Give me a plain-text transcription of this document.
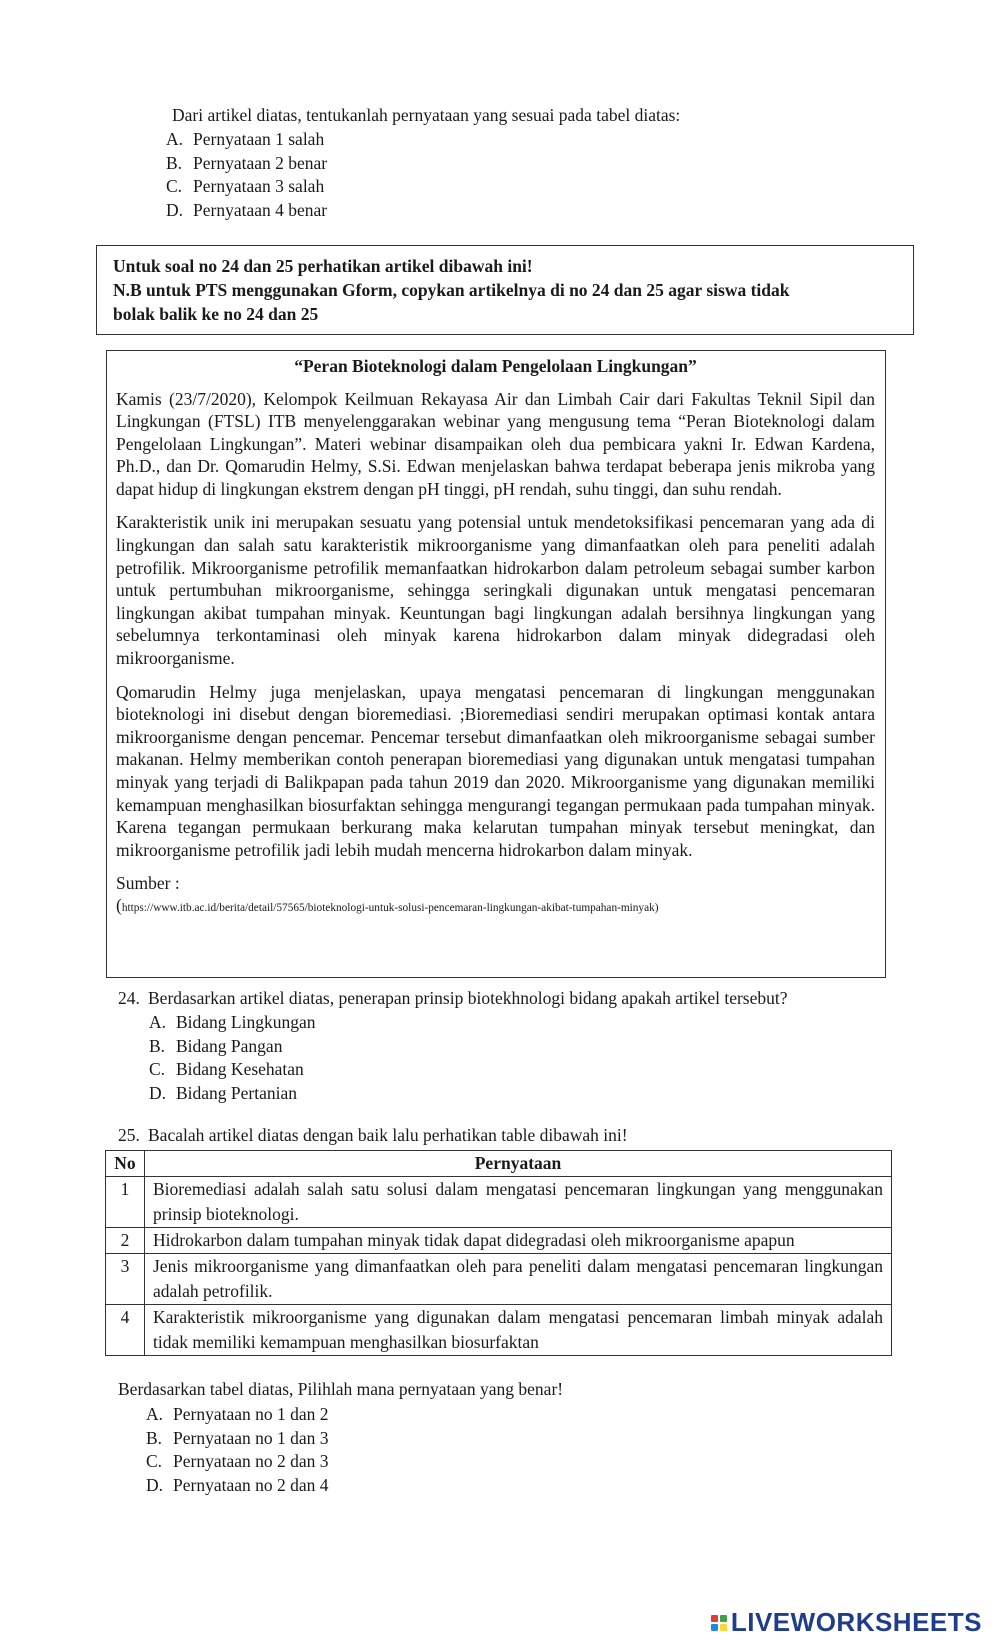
Dari artikel diatas, tentukanlah pernyataan yang sesuai pada tabel diatas:
A. Pernyataan 1 salah
B. Pernyataan 2 benar
C. Pernyataan 3 salah
D. Pernyataan 4 benar
Untuk soal no 24 dan 25 perhatikan artikel dibawah ini!
N.B untuk PTS menggunakan Gform, copykan artikelnya di no 24 dan 25 agar siswa tidak
bolak balik ke no 24 dan 25
“Peran Bioteknologi dalam Pengelolaan Lingkungan”

Kamis (23/7/2020), Kelompok Keilmuan Rekayasa Air dan Limbah Cair dari Fakultas Teknil Sipil dan Lingkungan (FTSL) ITB menyelenggarakan webinar yang mengusung tema “Peran Bioteknologi dalam Pengelolaan Lingkungan”. Materi webinar disampaikan oleh dua pembicara yakni Ir. Edwan Kardena, Ph.D., dan Dr. Qomarudin Helmy, S.Si. Edwan menjelaskan bahwa terdapat beberapa jenis mikroba yang dapat hidup di lingkungan ekstrem dengan pH tinggi, pH rendah, suhu tinggi, dan suhu rendah.

Karakteristik unik ini merupakan sesuatu yang potensial untuk mendetoksifikasi pencemaran yang ada di lingkungan dan salah satu karakteristik mikroorganisme yang dimanfaatkan oleh para peneliti adalah petrofilik. Mikroorganisme petrofilik memanfaatkan hidrokarbon dalam petroleum sebagai sumber karbon untuk pertumbuhan mikroorganisme, sehingga seringkali digunakan untuk mengatasi pencemaran lingkungan akibat tumpahan minyak. Keuntungan bagi lingkungan adalah bersihnya lingkungan yang sebelumnya terkontaminasi oleh minyak karena hidrokarbon dalam minyak didegradasi oleh mikroorganisme.

Qomarudin Helmy juga menjelaskan, upaya mengatasi pencemaran di lingkungan menggunakan bioteknologi ini disebut dengan bioremediasi. ;Bioremediasi sendiri merupakan optimasi kontak antara mikroorganisme dengan pencemar. Pencemar tersebut dimanfaatkan oleh mikroorganisme sebagai sumber makanan. Helmy memberikan contoh penerapan bioremediasi yang digunakan untuk mengatasi tumpahan minyak yang terjadi di Balikpapan pada tahun 2019 dan 2020. Mikroorganisme yang digunakan memiliki kemampuan menghasilkan biosurfaktan sehingga mengurangi tegangan permukaan pada tumpahan minyak. Karena tegangan permukaan berkurang maka kelarutan tumpahan minyak tersebut meningkat, dan mikroorganisme petrofilik jadi lebih mudah mencerna hidrokarbon dalam minyak.

Sumber :
(https://www.itb.ac.id/berita/detail/57565/bioteknologi-untuk-solusi-pencemaran-lingkungan-akibat-tumpahan-minyak)
24. Berdasarkan artikel diatas, penerapan prinsip biotekhnologi bidang apakah artikel tersebut?
A. Bidang Lingkungan
B. Bidang Pangan
C. Bidang Kesehatan
D. Bidang Pertanian
25. Bacalah artikel diatas dengan baik lalu perhatikan table dibawah ini!
No	Pernyataan
1	Bioremediasi adalah salah satu solusi dalam mengatasi pencemaran lingkungan yang menggunakan prinsip bioteknologi.
2	Hidrokarbon dalam tumpahan minyak tidak dapat didegradasi oleh mikroorganisme apapun
3	Jenis mikroorganisme yang dimanfaatkan oleh para peneliti dalam mengatasi pencemaran lingkungan adalah petrofilik.
4	Karakteristik mikroorganisme yang digunakan dalam mengatasi pencemaran limbah minyak adalah tidak memiliki kemampuan menghasilkan biosurfaktan
Berdasarkan tabel diatas, Pilihlah mana pernyataan yang benar!
A. Pernyataan no 1 dan 2
B. Pernyataan no 1 dan 3
C. Pernyataan no 2 dan 3
D. Pernyataan no 2 dan 4
LIVEWORKSHEETS
